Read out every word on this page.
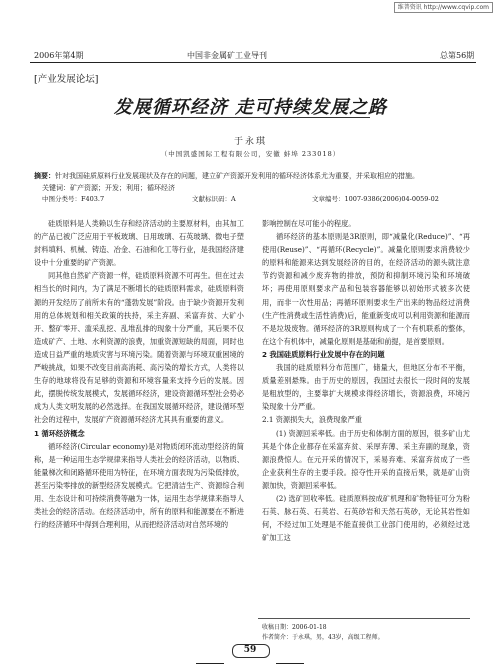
维普资讯 http://www.cqvip.com
2006年第4期	中国非金属矿工业导刊	总第56期
[产业发展论坛]
发展循环经济 走可持续发展之路
于永琪
（中国凯盛国际工程有限公司，安徽 蚌埠 233018）
摘要：针对我国硅质原料行业发展现状及存在的问题，建立矿产资源开发利用的循环经济体系尤为重要，并采取相应的措施。
关键词：矿产资源；开发；利用；循环经济
中图分类号：F403.7	文献标识码：A	文章编号：1007-9386(2006)04-0059-02

硅质原料是人类赖以生存和经济活动的主要原材料，由其加工的产品已被广泛应用于平板玻璃、日用玻璃、石英玻璃、微电子塑封料填料、机械、铸造、冶金、石油和化工等行业，是我国经济建设中十分重要的矿产资源。

同其他自然矿产资源一样，硅质原料资源不可再生。但在过去相当长的时间内，为了满足不断增长的硅质原料需求，硅质原料资源的开发经历了前所未有的“蓬勃发展”阶段。由于缺少资源开发利用的总体规划和相关政策的扶持，采主弃副、采富弃贫、大矿小开、整矿零开、滥采乱挖、乱堆乱排的现象十分严重，其后果不仅造成矿产、土地、水利资源的浪费，加重资源短缺的局面，同时也造成日益严重的地质灾害与环境污染。随着资源与环境双重困境的严峻挑战，如果不改变目前高消耗、高污染的增长方式，人类将以生存的地球将没有足够的资源和环境容量来支持今后的发展。因此，摆脱传统发展模式，发展循环经济，建设资源循环型社会势必成为人类文明发展的必然选择。在我国发展循环经济，建设循环型社会的过程中，发展矿产资源循环经济尤其具有重要的意义。

1 循环经济概念

循环经济(Circular economy)是对物质闭环流动型经济的简称，是一种运用生态学规律来指导人类社会的经济活动，以物质、能量梯次和闭路循环使用为特征，在环境方面表现为污染低排放，甚至污染零排放的新型经济发展模式。它把清洁生产、资源综合利用、生态设计和可持续消费等融为一体，运用生态学规律来指导人类社会的经济活动。在经济活动中，所有的原料和能源要在不断进行的经济循环中得到合理利用，从而把经济活动对自然环境的

影响控制在尽可能小的程度。

循环经济的基本原则是3R原则，即“减量化(Reduce)”、“再使用(Reuse)”、“再循环(Recycle)”。减量化原则要求消费较少的原料和能源来达到发展经济的目的，在经济活动的源头就注意节约资源和减少废弃物的排放，预防和抑制环境污染和环境破坏；再使用原则要求产品和包装容器能够以初始形式被多次使用，而非一次性用品；再循环原则要求生产出来的物品经过消费(生产性消费或生活性消费)后，能重新变成可以利用资源和能源而不是垃圾废物。循环经济的3R原则构成了一个有机联系的整体，在这个有机体中，减量化原则是基础和前提，是首要原则。

2 我国硅质原料行业发展中存在的问题

我国的硅质原料分布范围广，储量大，但地区分布不平衡，质量差别悬殊。由于历史的原因，我国过去很长一段时间的发展是粗放型的，主要靠扩大规模求得经济增长，资源浪费，环境污染现象十分严重。

2.1 资源损失大，浪费现象严重

(1) 资源回采率低。由于历史和体制方面的原因，很多矿山尤其是个体企业都存在采富弃贫、采厚弃薄、采主弃副的现象，资源浪费惊人。在元开采的情况下，采易弃难、采富弃贫成了一些企业获利生存的主要手段。掠夺性开采的直接后果，就是矿山资源加快，资源回采率低。

(2) 选矿回收率低。硅质原料按成矿机理和矿物特征可分为粉石英、脉石英、石英岩、石英砂岩和天然石英砂，无论其岩性如何，不经过加工处理是不能直接供工业部门使用的，必须经过选矿加工这

收稿日期：2006-01-18
作者简介：于永琪，男，43岁，高级工程师。
59
